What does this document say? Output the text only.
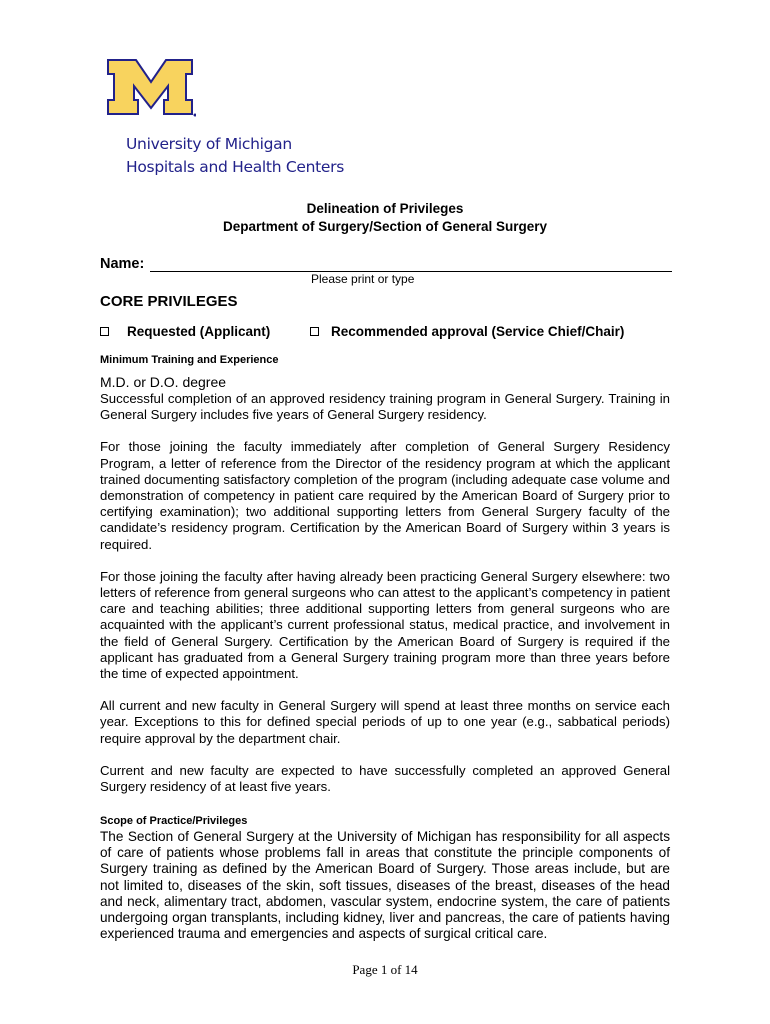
University of Michigan
Hospitals and Health Centers
Delineation of Privileges
Department of Surgery/Section of General Surgery
Name:
Please print or type
CORE PRIVILEGES
Requested (Applicant)	Recommended approval (Service Chief/Chair)
Minimum Training and Experience

M.D. or D.O. degree

Successful completion of an approved residency training program in General Surgery. Training in General Surgery includes five years of General Surgery residency.

For those joining the faculty immediately after completion of General Surgery Residency Program, a letter of reference from the Director of the residency program at which the applicant trained documenting satisfactory completion of the program (including adequate case volume and demonstration of competency in patient care required by the American Board of Surgery prior to certifying examination); two additional supporting letters from General Surgery faculty of the candidate’s residency program. Certification by the American Board of Surgery within 3 years is required.

For those joining the faculty after having already been practicing General Surgery elsewhere: two letters of reference from general surgeons who can attest to the applicant’s competency in patient care and teaching abilities; three additional supporting letters from general surgeons who are acquainted with the applicant’s current professional status, medical practice, and involvement in the field of General Surgery. Certification by the American Board of Surgery is required if the applicant has graduated from a General Surgery training program more than three years before the time of expected appointment.

All current and new faculty in General Surgery will spend at least three months on service each year. Exceptions to this for defined special periods of up to one year (e.g., sabbatical periods) require approval by the department chair.

Current and new faculty are expected to have successfully completed an approved General Surgery residency of at least five years.

Scope of Practice/Privileges

The Section of General Surgery at the University of Michigan has responsibility for all aspects of care of patients whose problems fall in areas that constitute the principle components of Surgery training as defined by the American Board of Surgery. Those areas include, but are not limited to, diseases of the skin, soft tissues, diseases of the breast, diseases of the head and neck, alimentary tract, abdomen, vascular system, endocrine system, the care of patients undergoing organ transplants, including kidney, liver and pancreas, the care of patients having experienced trauma and emergencies and aspects of surgical critical care.

Page 1 of 14
